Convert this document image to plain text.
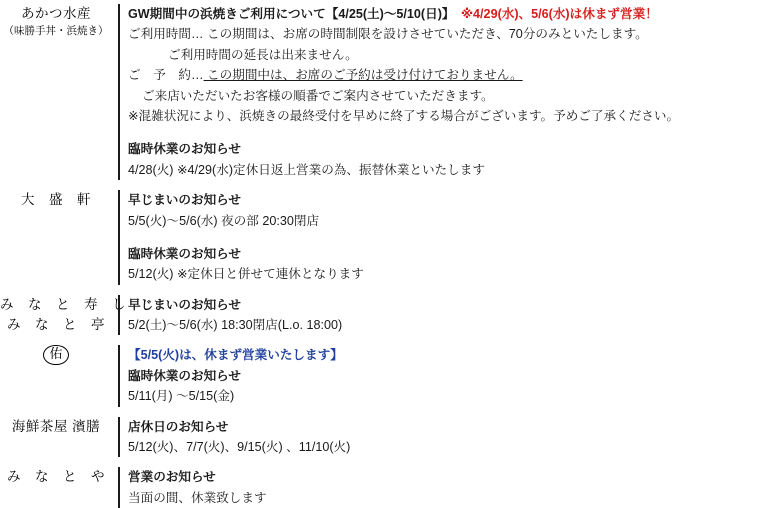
あかつ水産
（味勝手丼・浜焼き）
GW期間中の浜焼きご利用について【4/25(土)〜5/10(日)】　※4/29(水)、5/6(水)は休まず営業！
ご利用時間… この期間は、お席の時間制限を設けさせていただき、70分のみといたします。
ご利用時間の延長は出来ません。
ご　予　約… この期間中は、お席のご予約は受け付けておりません。
ご来店いただいたお客様の順番でご案内させていただきます。
※混雑状況により、浜焼きの最終受付を早めに終了する場合がございます。予めご了承ください。
臨時休業のお知らせ
4/28(火) ※4/29(水)定休日返上営業の為、振替休業といたします
大　盛　軒	早じまいのお知らせ
5/5(火)〜5/6(水) 夜の部 20:30閉店
臨時休業のお知らせ
5/12(火) ※定休日と併せて連休となります
み　な　と　寿　し
み　な　と　亭
早じまいのお知らせ
5/2(土)〜5/6(水) 18:30閉店(L.o. 18:00)
佑	【5/5(火)は、休まず営業いたします】
臨時休業のお知らせ
5/11(月) 〜5/15(金)
海鮮茶屋 濱膳	店休日のお知らせ
5/12(火)、7/7(火)、9/15(火) 、11/10(火)
み　な　と　や	営業のお知らせ
当面の間、休業致します
